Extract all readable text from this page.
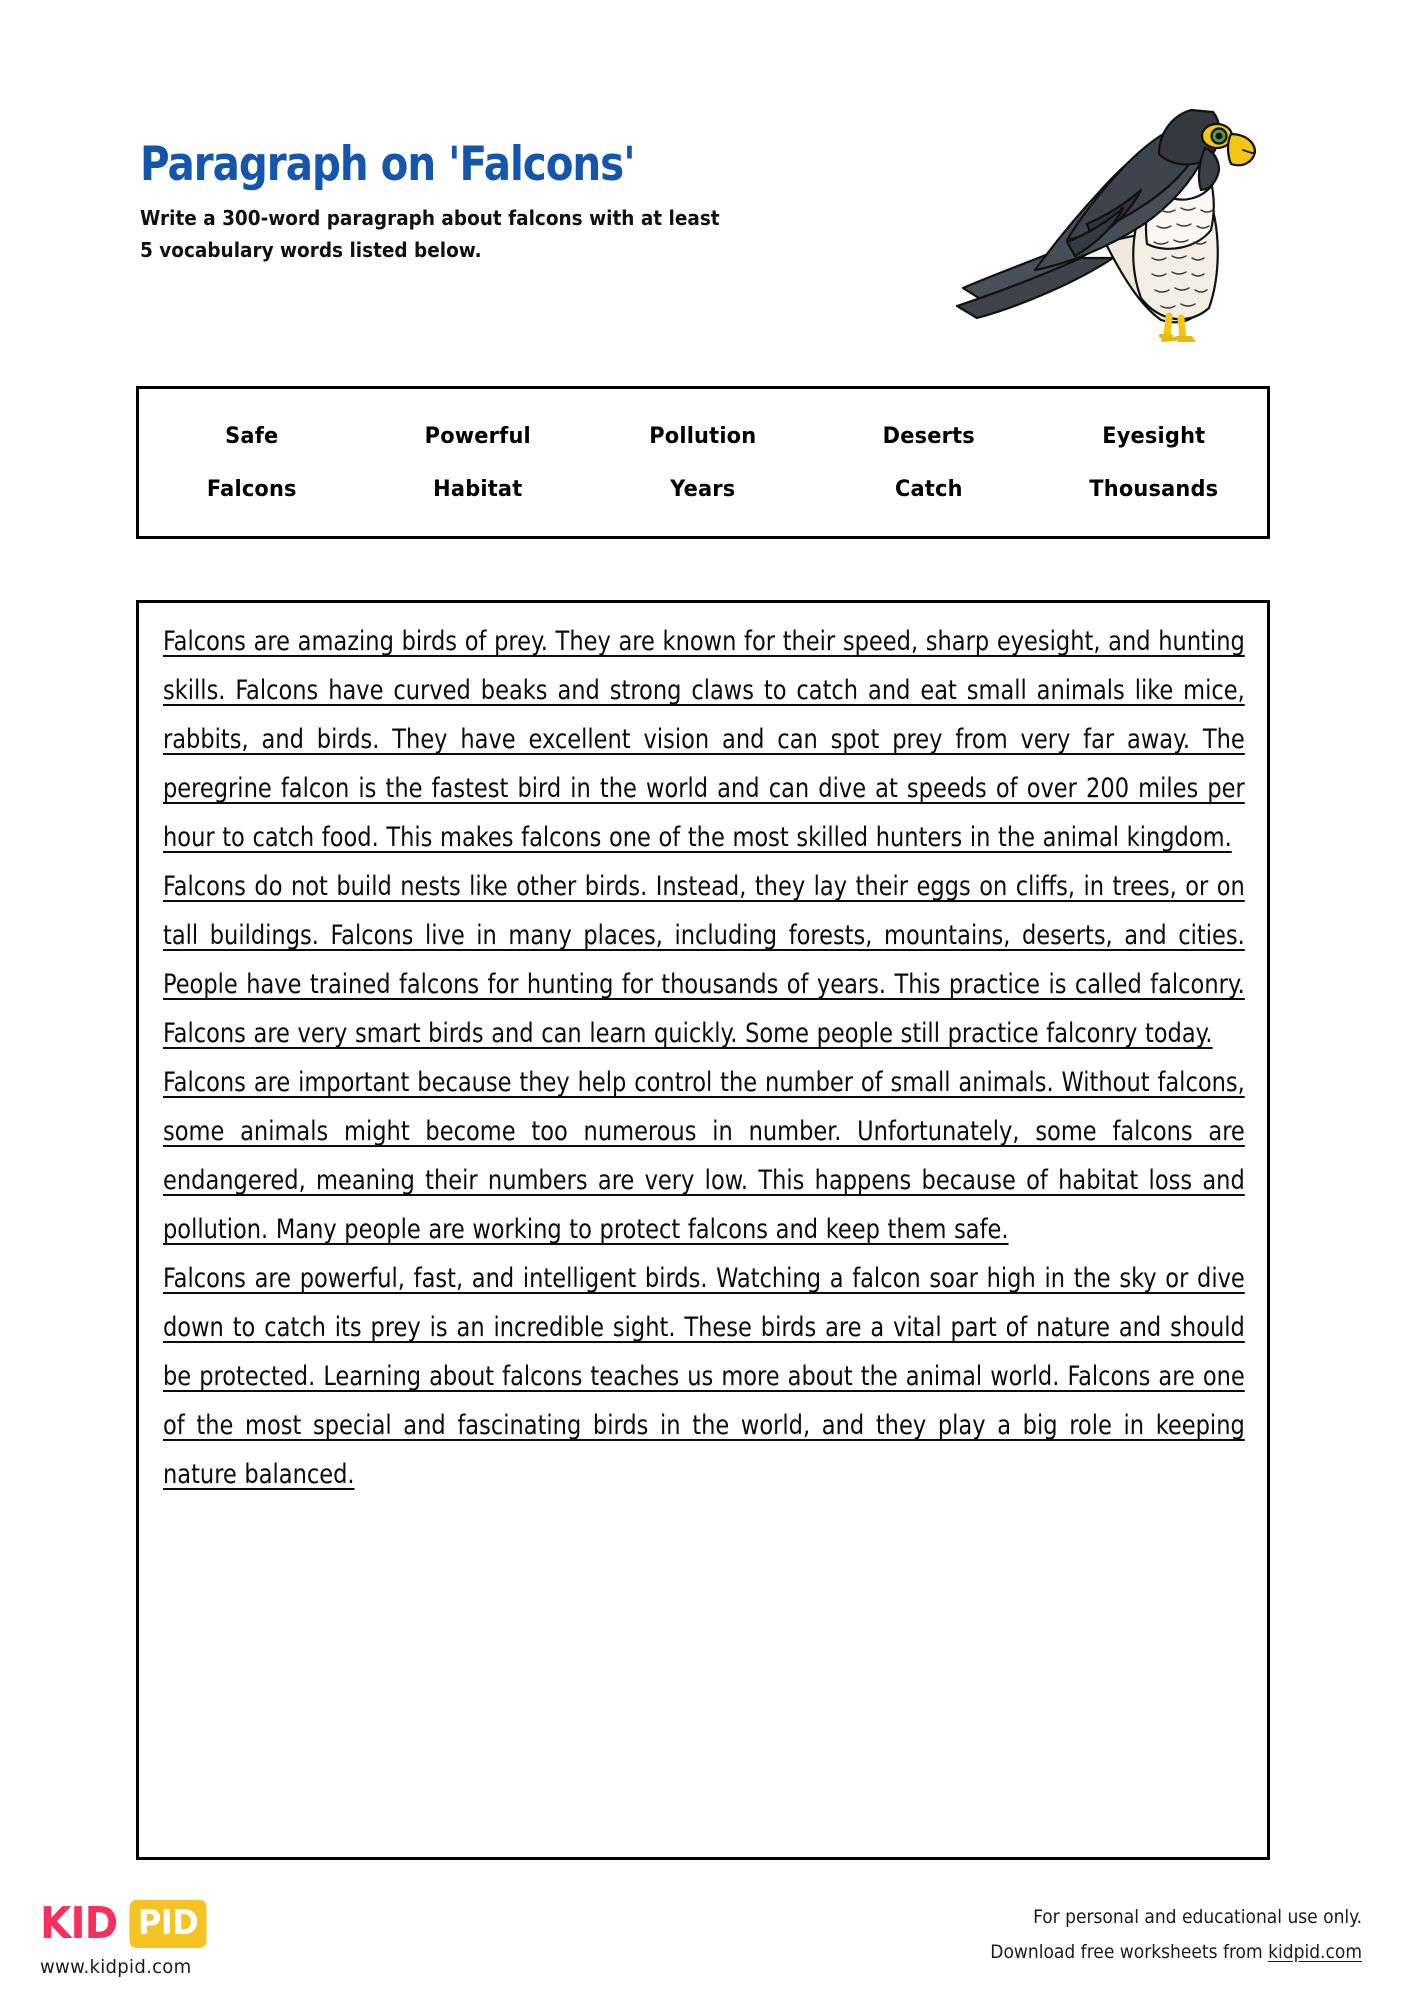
Paragraph on 'Falcons'

Write a 300-word paragraph about falcons with at least
5 vocabulary words listed below.

Safe	Powerful	Pollution	Deserts	Eyesight
Falcons	Habitat	Years	Catch	Thousands

Falcons are amazing birds of prey. They are known for their speed, sharp eyesight, and hunting skills. Falcons have curved beaks and strong claws to catch and eat small animals like mice, rabbits, and birds. They have excellent vision and can spot prey from very far away. The peregrine falcon is the fastest bird in the world and can dive at speeds of over 200 miles per hour to catch food. This makes falcons one of the most skilled hunters in the animal kingdom.

Falcons do not build nests like other birds. Instead, they lay their eggs on cliffs, in trees, or on tall buildings. Falcons live in many places, including forests, mountains, deserts, and cities. People have trained falcons for hunting for thousands of years. This practice is called falconry. Falcons are very smart birds and can learn quickly. Some people still practice falconry today.

Falcons are important because they help control the number of small animals. Without falcons, some animals might become too numerous in number. Unfortunately, some falcons are endangered, meaning their numbers are very low. This happens because of habitat loss and pollution. Many people are working to protect falcons and keep them safe.

Falcons are powerful, fast, and intelligent birds. Watching a falcon soar high in the sky or dive down to catch its prey is an incredible sight. These birds are a vital part of nature and should be protected. Learning about falcons teaches us more about the animal world. Falcons are one of the most special and fascinating birds in the world, and they play a big role in keeping nature balanced.

KID PID
www.kidpid.com
For personal and educational use only.
Download free worksheets from kidpid.com
